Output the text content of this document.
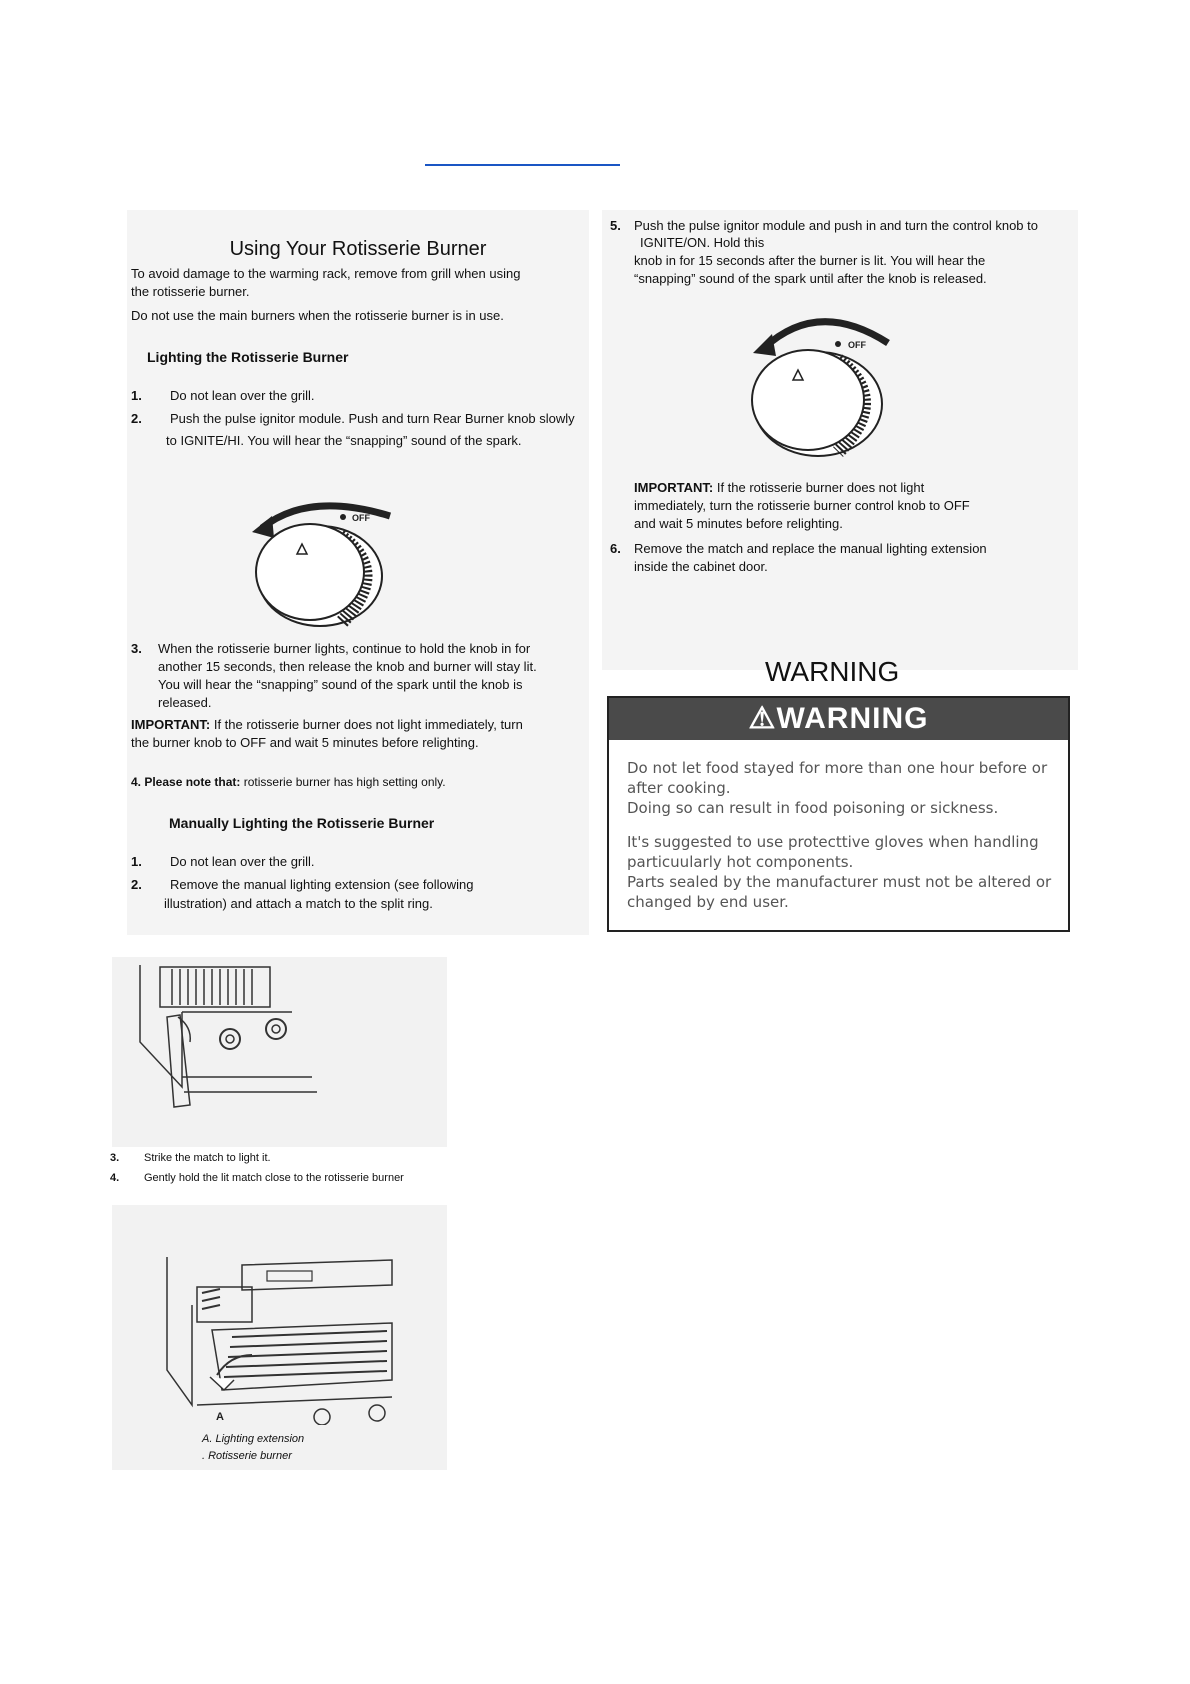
Using Your Rotisserie Burner
To avoid damage to the warming rack, remove from grill when using the rotisserie burner.
Do not use the main burners when the rotisserie burner is in use.
Lighting the Rotisserie Burner
1. Do not lean over the grill.
2. Push the pulse ignitor module. Push and turn Rear Burner knob slowly
to IGNITE/HI. You will hear the “snapping” sound of the spark.
OFF
3. When the rotisserie burner lights, continue to hold the knob in for another 15 seconds, then release the knob and burner will stay lit. You will hear the “snapping” sound of the spark until the knob is released.
IMPORTANT: If the rotisserie burner does not light immediately, turn the burner knob to OFF and wait 5 minutes before relighting.
4. Please note that: rotisserie burner has high setting only.
Manually Lighting the Rotisserie Burner
1. Do not lean over the grill.
2. Remove the manual lighting extension (see following
illustration) and attach a match to the split ring.
3. Strike the match to light it.
4. Gently hold the lit match close to the rotisserie burner
A
A. Lighting extension
. Rotisserie burner
5. Push the pulse ignitor module and push in and turn the control knob to
IGNITE/ON. Hold this
knob in for 15 seconds after the burner is lit. You will hear the
“snapping” sound of the spark until after the knob is released.
OFF
IMPORTANT: If the rotisserie burner does not light immediately, turn the rotisserie burner control knob to OFF and wait 5 minutes before relighting.
6. Remove the match and replace the manual lighting extension inside the cabinet door.
WARNING
⚠WARNING

Do not let food stayed for more than one hour before or after cooking.

Doing so can result in food poisoning or sickness.

It's suggested to use protecttive gloves when handling particuularly hot components.

Parts sealed by the manufacturer must not be altered or changed by end user.
